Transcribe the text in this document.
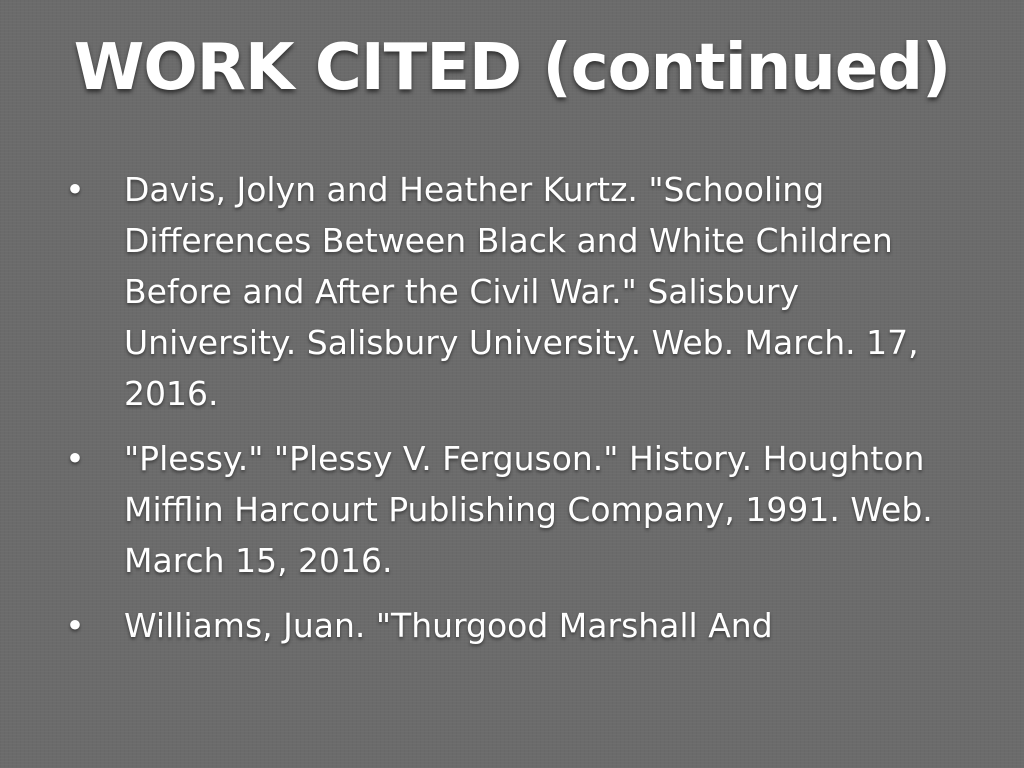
WORK CITED (continued)
• Davis, Jolyn and Heather Kurtz. "Schooling Differences Between Black and White Children Before and After the Civil War." Salisbury University. Salisbury University. Web. March. 17, 2016.
• "Plessy." "Plessy V. Ferguson." History. Houghton Mifflin Harcourt Publishing Company, 1991. Web. March 15, 2016.
• Williams, Juan. "Thurgood Marshall And
